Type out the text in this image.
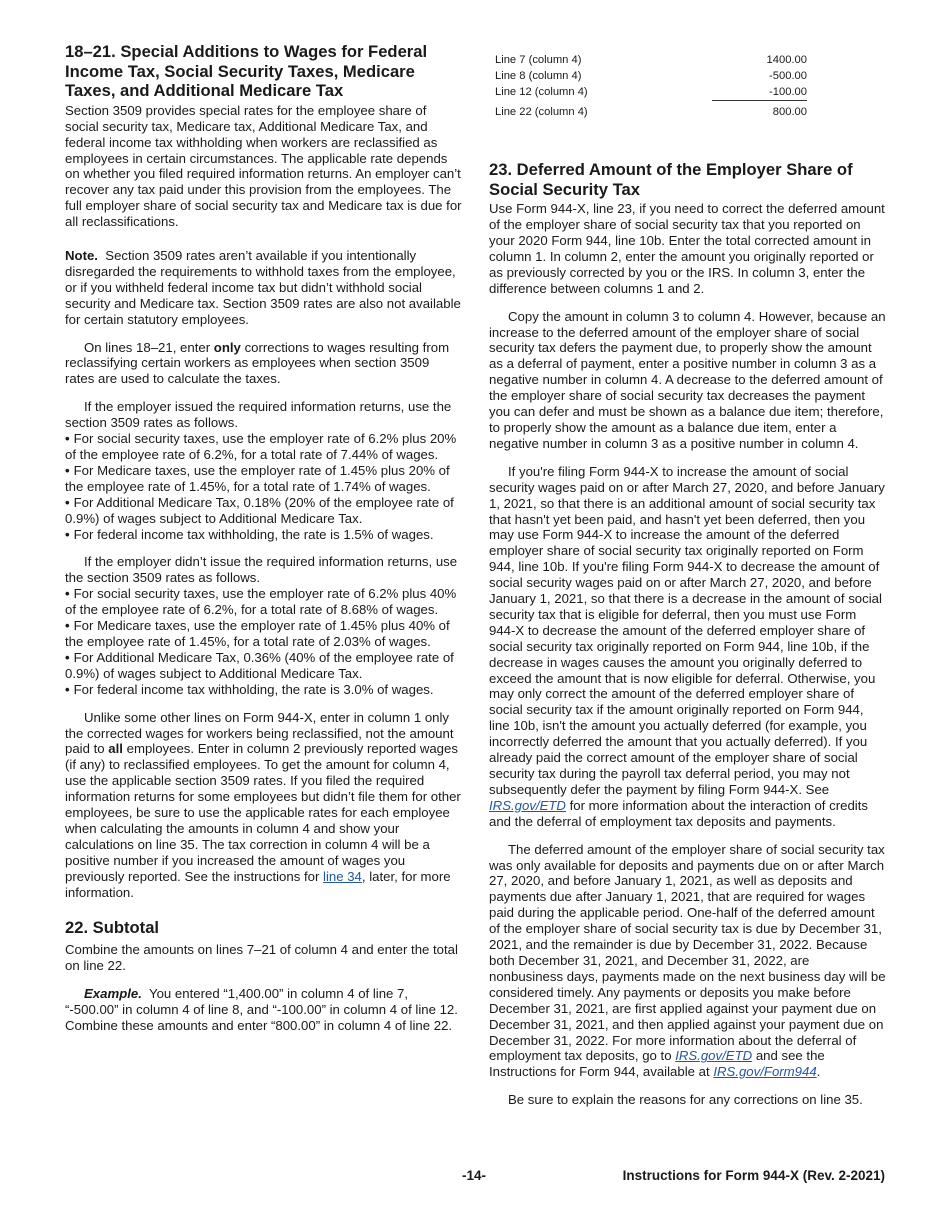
18–21. Special Additions to Wages for Federal Income Tax, Social Security Taxes, Medicare Taxes, and Additional Medicare Tax

Section 3509 provides special rates for the employee share of social security tax, Medicare tax, Additional Medicare Tax, and federal income tax withholding when workers are reclassified as employees in certain circumstances. The applicable rate depends on whether you filed required information returns. An employer can’t recover any tax paid under this provision from the employees. The full employer share of social security tax and Medicare tax is due for all reclassifications.

Note. Section 3509 rates aren’t available if you intentionally disregarded the requirements to withhold taxes from the employee, or if you withheld federal income tax but didn’t withhold social security and Medicare tax. Section 3509 rates are also not available for certain statutory employees.

On lines 18–21, enter only corrections to wages resulting from reclassifying certain workers as employees when section 3509 rates are used to calculate the taxes.

If the employer issued the required information returns, use the section 3509 rates as follows.

• For social security taxes, use the employer rate of 6.2% plus 20% of the employee rate of 6.2%, for a total rate of 7.44% of wages.
• For Medicare taxes, use the employer rate of 1.45% plus 20% of the employee rate of 1.45%, for a total rate of 1.74% of wages.
• For Additional Medicare Tax, 0.18% (20% of the employee rate of 0.9%) of wages subject to Additional Medicare Tax.
• For federal income tax withholding, the rate is 1.5% of wages.

If the employer didn’t issue the required information returns, use the section 3509 rates as follows.

• For social security taxes, use the employer rate of 6.2% plus 40% of the employee rate of 6.2%, for a total rate of 8.68% of wages.
• For Medicare taxes, use the employer rate of 1.45% plus 40% of the employee rate of 1.45%, for a total rate of 2.03% of wages.
• For Additional Medicare Tax, 0.36% (40% of the employee rate of 0.9%) of wages subject to Additional Medicare Tax.
• For federal income tax withholding, the rate is 3.0% of wages.

Unlike some other lines on Form 944-X, enter in column 1 only the corrected wages for workers being reclassified, not the amount paid to all employees. Enter in column 2 previously reported wages (if any) to reclassified employees. To get the amount for column 4, use the applicable section 3509 rates. If you filed the required information returns for some employees but didn’t file them for other employees, be sure to use the applicable rates for each employee when calculating the amounts in column 4 and show your calculations on line 35. The tax correction in column 4 will be a positive number if you increased the amount of wages you previously reported. See the instructions for line 34, later, for more information.

22. Subtotal

Combine the amounts on lines 7–21 of column 4 and enter the total on line 22.

Example. You entered “1,400.00” in column 4 of line 7, “-500.00” in column 4 of line 8, and “-100.00” in column 4 of line 12. Combine these amounts and enter “800.00” in column 4 of line 22.

Line 7 (column 4)	1400.00
Line 8 (column 4)	-500.00
Line 12 (column 4)	-100.00
Line 22 (column 4)	800.00
23. Deferred Amount of the Employer Share of Social Security Tax

Use Form 944-X, line 23, if you need to correct the deferred amount of the employer share of social security tax that you reported on your 2020 Form 944, line 10b. Enter the total corrected amount in column 1. In column 2, enter the amount you originally reported or as previously corrected by you or the IRS. In column 3, enter the difference between columns 1 and 2.

Copy the amount in column 3 to column 4. However, because an increase to the deferred amount of the employer share of social security tax defers the payment due, to properly show the amount as a deferral of payment, enter a positive number in column 3 as a negative number in column 4. A decrease to the deferred amount of the employer share of social security tax decreases the payment you can defer and must be shown as a balance due item; therefore, to properly show the amount as a balance due item, enter a negative number in column 3 as a positive number in column 4.

If you're filing Form 944-X to increase the amount of social security wages paid on or after March 27, 2020, and before January 1, 2021, so that there is an additional amount of social security tax that hasn't yet been paid, and hasn't yet been deferred, then you may use Form 944-X to increase the amount of the deferred employer share of social security tax originally reported on Form 944, line 10b. If you're filing Form 944-X to decrease the amount of social security wages paid on or after March 27, 2020, and before January 1, 2021, so that there is a decrease in the amount of social security tax that is eligible for deferral, then you must use Form 944-X to decrease the amount of the deferred employer share of social security tax originally reported on Form 944, line 10b, if the decrease in wages causes the amount you originally deferred to exceed the amount that is now eligible for deferral. Otherwise, you may only correct the amount of the deferred employer share of social security tax if the amount originally reported on Form 944, line 10b, isn't the amount you actually deferred (for example, you incorrectly deferred the amount that you actually deferred). If you already paid the correct amount of the employer share of social security tax during the payroll tax deferral period, you may not subsequently defer the payment by filing Form 944-X. See IRS.gov/ETD for more information about the interaction of credits and the deferral of employment tax deposits and payments.

The deferred amount of the employer share of social security tax was only available for deposits and payments due on or after March 27, 2020, and before January 1, 2021, as well as deposits and payments due after January 1, 2021, that are required for wages paid during the applicable period. One-half of the deferred amount of the employer share of social security tax is due by December 31, 2021, and the remainder is due by December 31, 2022. Because both December 31, 2021, and December 31, 2022, are nonbusiness days, payments made on the next business day will be considered timely. Any payments or deposits you make before December 31, 2021, are first applied against your payment due on December 31, 2021, and then applied against your payment due on December 31, 2022. For more information about the deferral of employment tax deposits, go to IRS.gov/ETD and see the Instructions for Form 944, available at IRS.gov/Form944.

Be sure to explain the reasons for any corrections on line 35.

-14-	Instructions for Form 944-X (Rev. 2-2021)
